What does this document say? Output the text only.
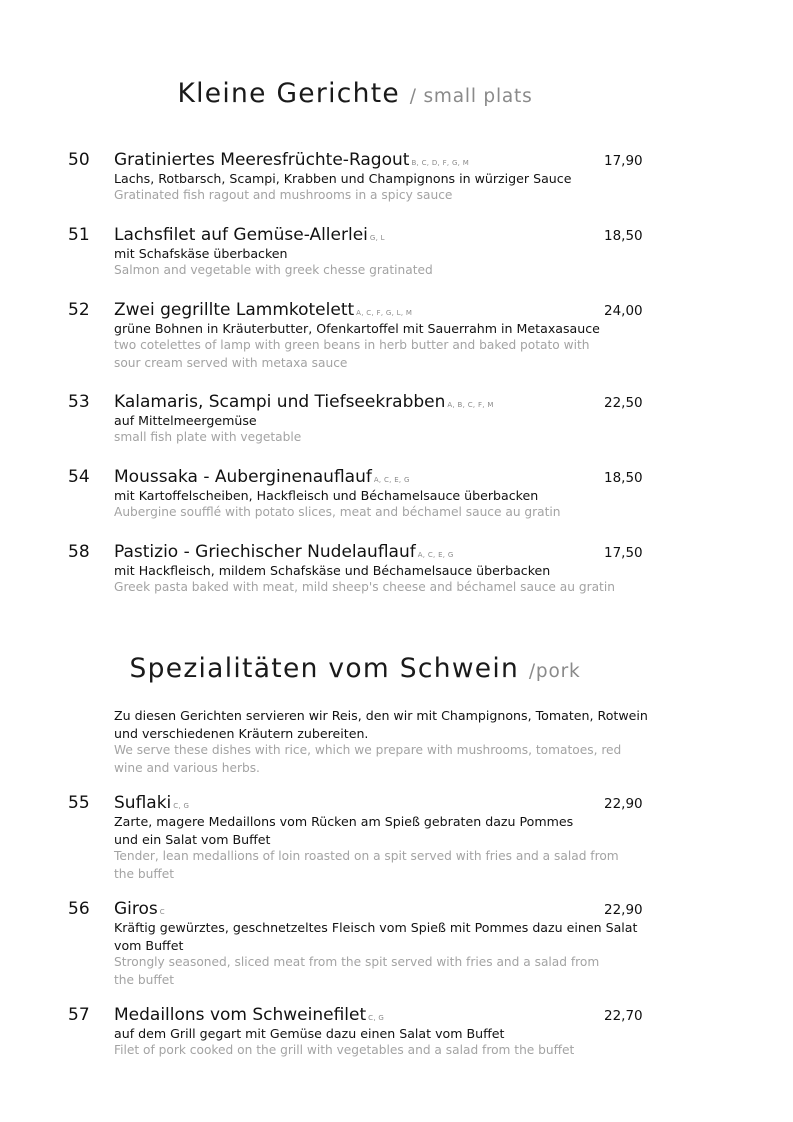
Kleine Gerichte / small plats
50 Gratiniertes Meeresfrüchte-Ragout B, C, D, F, G, M	17,90
Lachs, Rotbarsch, Scampi, Krabben und Champignons in würziger Sauce
Gratinated fish ragout and mushrooms in a spicy sauce
51 Lachsfilet auf Gemüse-Allerlei G, L	18,50
mit Schafskäse überbacken
Salmon and vegetable with greek chesse gratinated
52 Zwei gegrillte Lammkotelett A, C, F, G, L, M	24,00
grüne Bohnen in Kräuterbutter, Ofenkartoffel mit Sauerrahm in Metaxasauce
two cotelettes of lamp with green beans in herb butter and baked potato with sour cream served with metaxa sauce
53 Kalamaris, Scampi und Tiefseekrabben A, B, C, F, M	22,50
auf Mittelmeergemüse
small fish plate with vegetable
54 Moussaka - Auberginenauflauf A, C, E, G	18,50
mit Kartoffelscheiben, Hackfleisch und Béchamelsauce überbacken
Aubergine soufflé with potato slices, meat and béchamel sauce au gratin
58 Pastizio - Griechischer Nudelauflauf A, C, E, G	17,50
mit Hackfleisch, mildem Schafskäse und Béchamelsauce überbacken
Greek pasta baked with meat, mild sheep's cheese and béchamel sauce au gratin
Spezialitäten vom Schwein /pork
Zu diesen Gerichten servieren wir Reis, den wir mit Champignons, Tomaten, Rotwein und verschiedenen Kräutern zubereiten.
We serve these dishes with rice, which we prepare with mushrooms, tomatoes, red wine and various herbs.
55 Suflaki C, G	22,90
Zarte, magere Medaillons vom Rücken am Spieß gebraten dazu Pommes und ein Salat vom Buffet
Tender, lean medallions of loin roasted on a spit served with fries and a salad from the buffet
56 Giros C	22,90
Kräftig gewürztes, geschnetzeltes Fleisch vom Spieß mit Pommes dazu einen Salat vom Buffet
Strongly seasoned, sliced meat from the spit served with fries and a salad from the buffet
57 Medaillons vom Schweinefilet C, G	22,70
auf dem Grill gegart mit Gemüse dazu einen Salat vom Buffet
Filet of pork cooked on the grill with vegetables and a salad from the buffet
